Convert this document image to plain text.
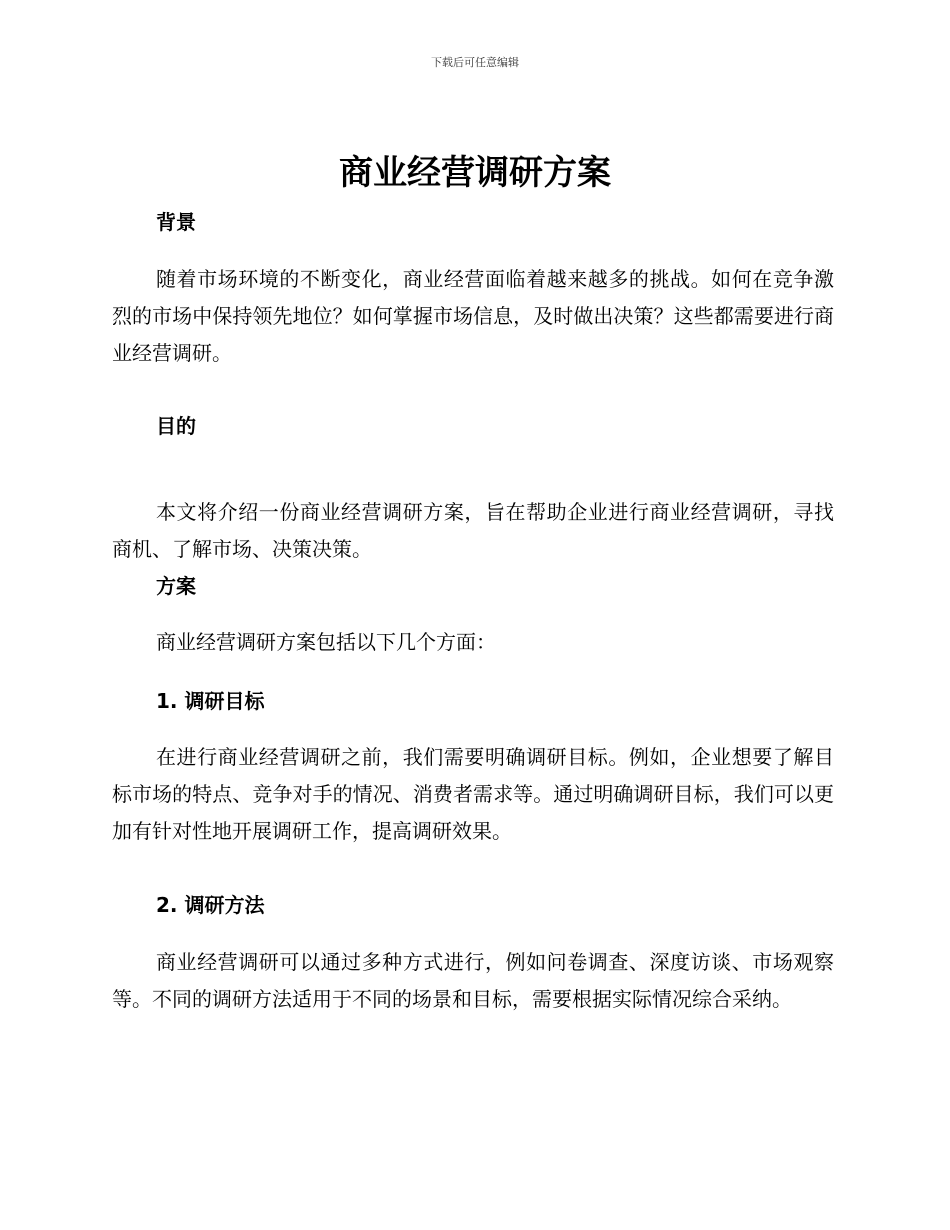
下载后可任意编辑
商业经营调研方案
背景
随着市场环境的不断变化，商业经营面临着越来越多的挑战。如何在竞争激烈的市场中保持领先地位？如何掌握市场信息，及时做出决策？这些都需要进行商业经营调研。
目的
本文将介绍一份商业经营调研方案，旨在帮助企业进行商业经营调研，寻找商机、了解市场、决策决策。
方案
商业经营调研方案包括以下几个方面：
1. 调研目标
在进行商业经营调研之前，我们需要明确调研目标。例如，企业想要了解目标市场的特点、竞争对手的情况、消费者需求等。通过明确调研目标，我们可以更加有针对性地开展调研工作，提高调研效果。
2. 调研方法
商业经营调研可以通过多种方式进行，例如问卷调查、深度访谈、市场观察等。不同的调研方法适用于不同的场景和目标，需要根据实际情况综合采纳。
